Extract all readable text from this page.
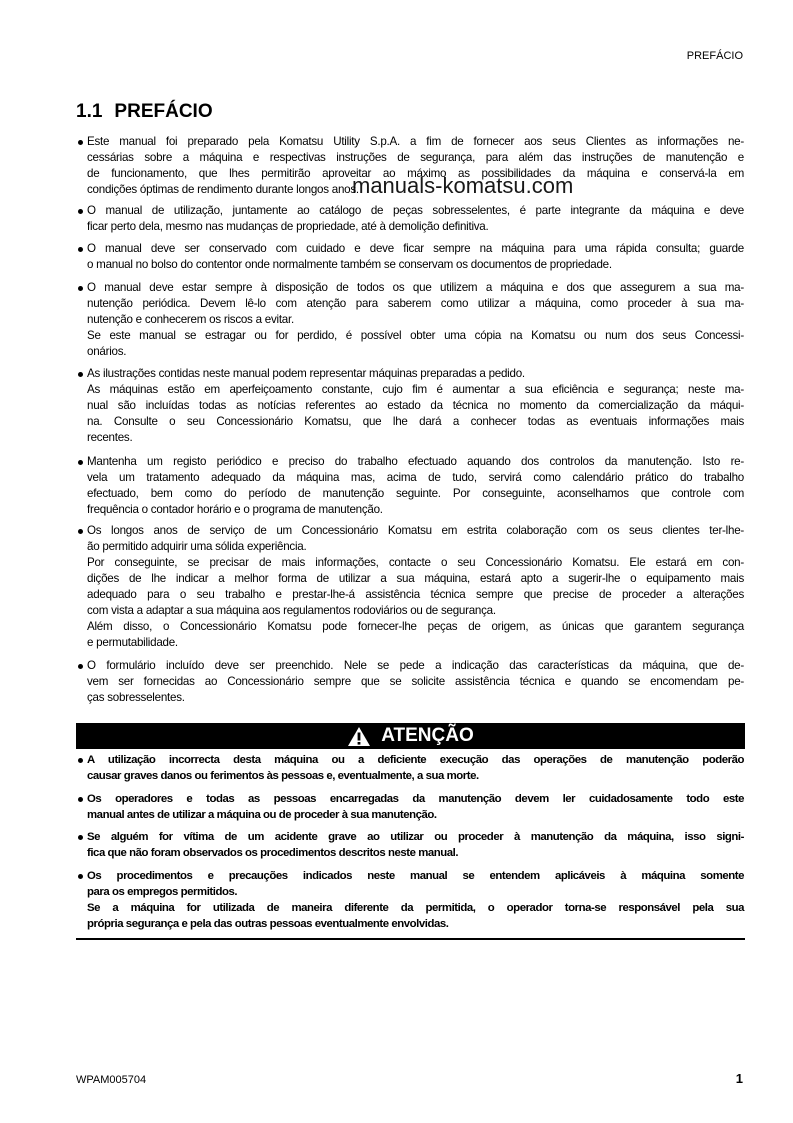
PREFÁCIO
1.1 PREFÁCIO
Este manual foi preparado pela Komatsu Utility S.p.A. a fim de fornecer aos seus Clientes as informações ne-
cessárias sobre a máquina e respectivas instruções de segurança, para além das instruções de manutenção e
de funcionamento, que lhes permitirão aproveitar ao máximo as possibilidades da máquina e conservá-la em
condições óptimas de rendimento durante longos anos.
O manual de utilização, juntamente ao catálogo de peças sobresselentes, é parte integrante da máquina e deve
ficar perto dela, mesmo nas mudanças de propriedade, até à demolição definitiva.
O manual deve ser conservado com cuidado e deve ficar sempre na máquina para uma rápida consulta; guarde
o manual no bolso do contentor onde normalmente também se conservam os documentos de propriedade.
O manual deve estar sempre à disposição de todos os que utilizem a máquina e dos que assegurem a sua ma-
nutenção periódica. Devem lê-lo com atenção para saberem como utilizar a máquina, como proceder à sua ma-
nutenção e conhecerem os riscos a evitar.
Se este manual se estragar ou for perdido, é possível obter uma cópia na Komatsu ou num dos seus Concessi-
onários.
As ilustrações contidas neste manual podem representar máquinas preparadas a pedido.
As máquinas estão em aperfeiçoamento constante, cujo fim é aumentar a sua eficiência e segurança; neste ma-
nual são incluídas todas as notícias referentes ao estado da técnica no momento da comercialização da máqui-
na. Consulte o seu Concessionário Komatsu, que lhe dará a conhecer todas as eventuais informações mais
recentes.
Mantenha um registo periódico e preciso do trabalho efectuado aquando dos controlos da manutenção. Isto re-
vela um tratamento adequado da máquina mas, acima de tudo, servirá como calendário prático do trabalho
efectuado, bem como do período de manutenção seguinte. Por conseguinte, aconselhamos que controle com
frequência o contador horário e o programa de manutenção.
Os longos anos de serviço de um Concessionário Komatsu em estrita colaboração com os seus clientes ter-lhe-
ão permitido adquirir uma sólida experiência.
Por conseguinte, se precisar de mais informações, contacte o seu Concessionário Komatsu. Ele estará em con-
dições de lhe indicar a melhor forma de utilizar a sua máquina, estará apto a sugerir-lhe o equipamento mais
adequado para o seu trabalho e prestar-lhe-á assistência técnica sempre que precise de proceder a alterações
com vista a adaptar a sua máquina aos regulamentos rodoviários ou de segurança.
Além disso, o Concessionário Komatsu pode fornecer-lhe peças de origem, as únicas que garantem segurança
e permutabilidade.
O formulário incluído deve ser preenchido. Nele se pede a indicação das características da máquina, que de-
vem ser fornecidas ao Concessionário sempre que se solicite assistência técnica e quando se encomendam pe-
ças sobresselentes.
ATENÇÃO
A utilização incorrecta desta máquina ou a deficiente execução das operações de manutenção poderão
causar graves danos ou ferimentos às pessoas e, eventualmente, a sua morte.
Os operadores e todas as pessoas encarregadas da manutenção devem ler cuidadosamente todo este
manual antes de utilizar a máquina ou de proceder à sua manutenção.
Se alguém for vítima de um acidente grave ao utilizar ou proceder à manutenção da máquina, isso signi-
fica que não foram observados os procedimentos descritos neste manual.
Os procedimentos e precauções indicados neste manual se entendem aplicáveis à máquina somente
para os empregos permitidos.
Se a máquina for utilizada de maneira diferente da permitida, o operador torna-se responsável pela sua
própria segurança e pela das outras pessoas eventualmente envolvidas.
manuals-komatsu.com
WPAM005704	1
